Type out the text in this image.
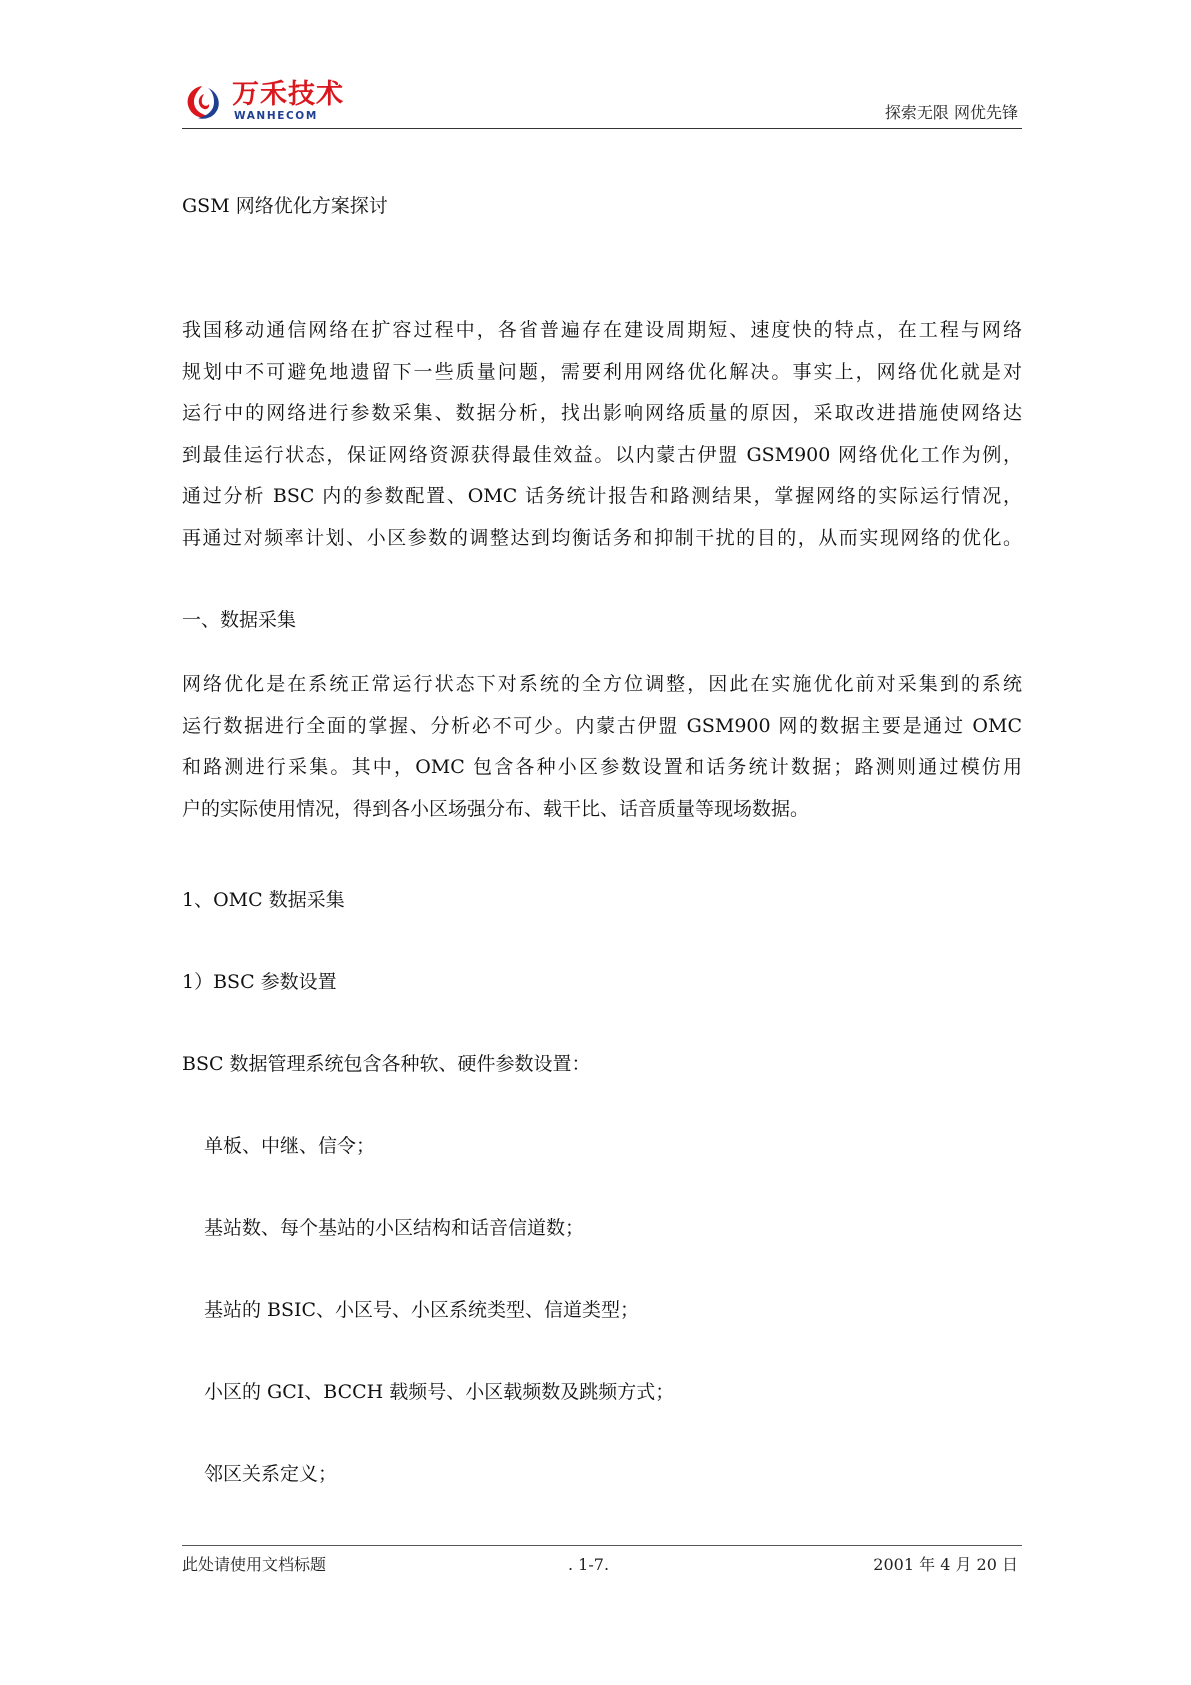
万禾技术
WANHECOM	探索无限 网优先锋
GSM 网络优化方案探讨
我国移动通信网络在扩容过程中，各省普遍存在建设周期短、速度快的特点，在工程与网络
规划中不可避免地遗留下一些质量问题，需要利用网络优化解决。事实上，网络优化就是对
运行中的网络进行参数采集、数据分析，找出影响网络质量的原因，采取改进措施使网络达
到最佳运行状态，保证网络资源获得最佳效益。以内蒙古伊盟 GSM900 网络优化工作为例，
通过分析 BSC 内的参数配置、OMC 话务统计报告和路测结果，掌握网络的实际运行情况，
再通过对频率计划、小区参数的调整达到均衡话务和抑制干扰的目的，从而实现网络的优化。
一、数据采集
网络优化是在系统正常运行状态下对系统的全方位调整，因此在实施优化前对采集到的系统
运行数据进行全面的掌握、分析必不可少。内蒙古伊盟 GSM900 网的数据主要是通过 OMC
和路测进行采集。其中，OMC 包含各种小区参数设置和话务统计数据；路测则通过模仿用
户的实际使用情况，得到各小区场强分布、载干比、话音质量等现场数据。
1、OMC 数据采集
1）BSC 参数设置
BSC 数据管理系统包含各种软、硬件参数设置：
单板、中继、信令；
基站数、每个基站的小区结构和话音信道数；
基站的 BSIC、小区号、小区系统类型、信道类型；
小区的 GCI、BCCH 载频号、小区载频数及跳频方式；
邻区关系定义；
此处请使用文档标题	. 1-7.	2001 年 4 月 20 日
